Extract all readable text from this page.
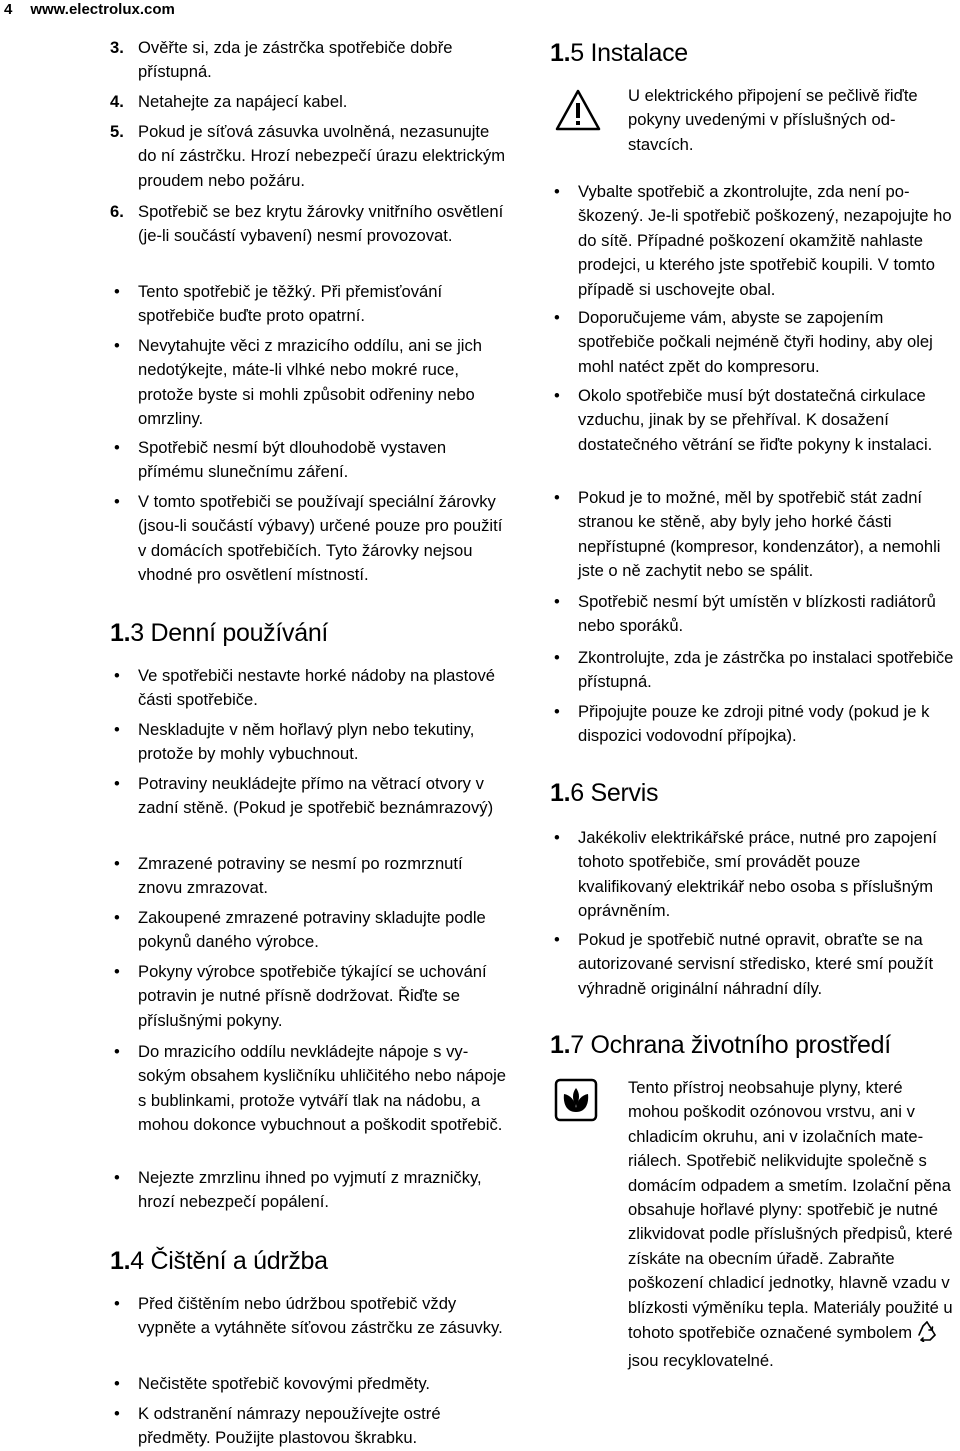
4 www.electrolux.com

3. Ověřte si, zda je zástrčka spotřebiče dobře přístupná.

4. Netahejte za napájecí kabel.

5. Pokud je síťová zásuvka uvolněná, nezasunujte do ní zástrčku. Hrozí nebezpečí úrazu elektrickým proudem nebo požáru.

6. Spotřebič se bez krytu žárovky vnitřního osvětlení (je-li součástí vybavení) nesmí provozovat.

• Tento spotřebič je těžký. Při přemisťování spotřebiče buďte proto opatrní.

• Nevytahujte věci z mrazicího oddílu, ani se jich nedotýkejte, máte-li vlhké nebo mokré ruce, protože byste si mohli způsobit odřeniny nebo omrzliny.

• Spotřebič nesmí být dlouhodobě vystaven přímému slunečnímu záření.

• V tomto spotřebiči se používají speciální žárovky (jsou-li součástí výbavy) určené pouze pro použití v domácích spotřebičích. Tyto žárovky nejsou vhodné pro osvětlení místností.

1.3 Denní používání

• Ve spotřebiči nestavte horké nádoby na plastové části spotřebiče.

• Neskladujte v něm hořlavý plyn nebo tekutiny, protože by mohly vybuchnout.

• Potraviny neukládejte přímo na větrací otvory v zadní stěně. (Pokud je spotřebič beznámrazový)

• Zmrazené potraviny se nesmí po rozmrznutí znovu zmrazovat.

• Zakoupené zmrazené potraviny skladujte podle pokynů daného výrobce.

• Pokyny výrobce spotřebiče týkající se uchování potravin je nutné přísně dodržovat. Řiďte se příslušnými pokyny.

• Do mrazicího oddílu nevkládejte nápoje s vysokým obsahem kysličníku uhličitého nebo nápoje s bublinkami, protože vytváří tlak na nádobu, a mohou dokonce vybuchnout a poškodit spotřebič.

• Nejezte zmrzlinu ihned po vyjmutí z mrazničky, hrozí nebezpečí popálení.

1.4 Čištění a údržba

• Před čištěním nebo údržbou spotřebič vždy vypněte a vytáhněte síťovou zástrčku ze zásuvky.

• Nečistěte spotřebič kovovými předměty.

• K odstranění námrazy nepoužívejte ostré předměty. Použijte plastovou škrabku.

1.5 Instalace

U elektrického připojení se pečlivě řiďte pokyny uvedenými v příslušných odstavcích.

• Vybalte spotřebič a zkontrolujte, zda není poškozený. Je-li spotřebič poškozený, nezapojujte ho do sítě. Případné poškození okamžitě nahlaste prodejci, u kterého jste spotřebič koupili. V tomto případě si uschovejte obal.

• Doporučujeme vám, abyste se zapojením spotřebiče počkali nejméně čtyři hodiny, aby olej mohl natéct zpět do kompresoru.

• Okolo spotřebiče musí být dostatečná cirkulace vzduchu, jinak by se přehříval. K dosažení dostatečného větrání se řiďte pokyny k instalaci.

• Pokud je to možné, měl by spotřebič stát zadní stranou ke stěně, aby byly jeho horké části nepřístupné (kompresor, kondenzátor), a nemohli jste o ně zachytit nebo se spálit.

• Spotřebič nesmí být umístěn v blízkosti radiátorů nebo sporáků.

• Zkontrolujte, zda je zástrčka po instalaci spotřebiče přístupná.

• Připojujte pouze ke zdroji pitné vody (pokud je k dispozici vodovodní přípojka).

1.6 Servis

• Jakékoliv elektrikářské práce, nutné pro zapojení tohoto spotřebiče, smí provádět pouze kvalifikovaný elektrikář nebo osoba s příslušným oprávněním.

• Pokud je spotřebič nutné opravit, obraťte se na autorizované servisní středisko, které smí použít výhradně originální náhradní díly.

1.7 Ochrana životního prostředí

Tento přístroj neobsahuje plyny, které mohou poškodit ozónovou vrstvu, ani v chladicím okruhu, ani v izolačních materiálech. Spotřebič nelikvidujte společně s domácím odpadem a smetím. Izolační pěna obsahuje hořlavé plyny: spotřebič je nutné zlikvidovat podle příslušných předpisů, které získáte na obecním úřadě. Zabraňte poškození chladicí jednotky, hlavně vzadu v blízkosti výměníku tepla. Materiály použité u tohoto spotřebiče označené symbolem
jsou recyklovatelné.
